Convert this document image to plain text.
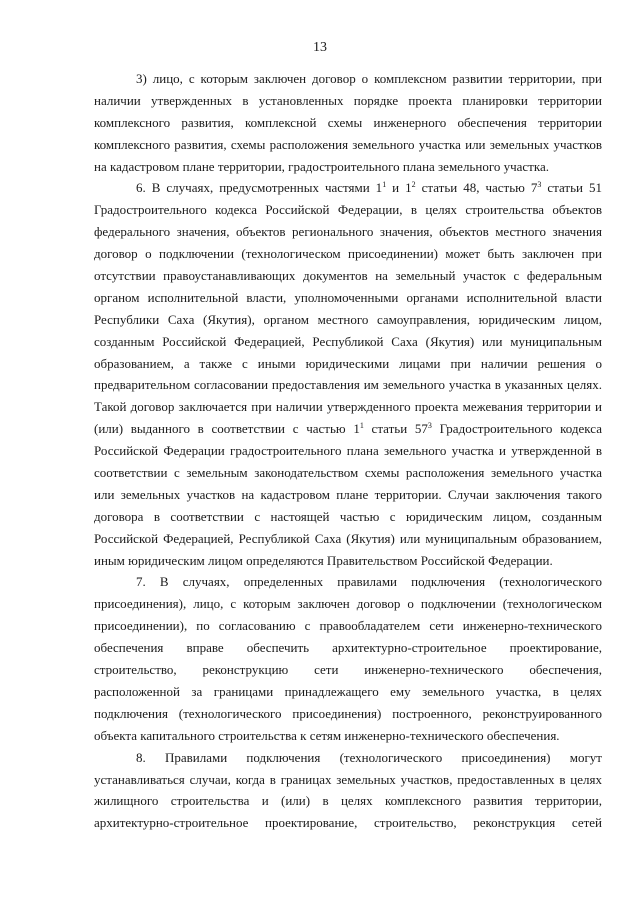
13
3) лицо, с которым заключен договор о комплексном развитии территории, при
наличии утвержденных в установленных порядке проекта планировки территории
комплексного развития, комплексной схемы инженерного обеспечения территории
комплексного развития, схемы расположения земельного участка или земельных участков
на кадастровом плане территории, градостроительного плана земельного участка.
6. В случаях, предусмотренных частями $1^1$ и $1^2$ статьи 48, частью $7^3$ статьи 51
Градостроительного кодекса Российской Федерации, в целях строительства объектов
федерального значения, объектов регионального значения, объектов местного значения
договор о подключении (технологическом присоединении) может быть заключен при
отсутствии правоустанавливающих документов на земельный участок с федеральным
органом исполнительной власти, уполномоченными органами исполнительной власти
Республики Саха (Якутия), органом местного самоуправления, юридическим лицом,
созданным Российской Федерацией, Республикой Саха (Якутия) или муниципальным
образованием, а также с иными юридическими лицами при наличии решения о
предварительном согласовании предоставления им земельного участка в указанных целях.
Такой договор заключается при наличии утвержденного проекта межевания территории и
(или) выданного в соответствии с частью $1^1$ статьи $57^3$ Градостроительного кодекса
Российской Федерации градостроительного плана земельного участка и утвержденной в
соответствии с земельным законодательством схемы расположения земельного участка
или земельных участков на кадастровом плане территории. Случаи заключения такого
договора в соответствии с настоящей частью с юридическим лицом, созданным
Российской Федерацией, Республикой Саха (Якутия) или муниципальным образованием,
иным юридическим лицом определяются Правительством Российской Федерации.
7. В случаях, определенных правилами подключения (технологического
присоединения), лицо, с которым заключен договор о подключении (технологическом
присоединении), по согласованию с правообладателем сети инженерно-технического
обеспечения вправе обеспечить архитектурно-строительное проектирование,
строительство, реконструкцию сети инженерно-технического обеспечения,
расположенной за границами принадлежащего ему земельного участка, в целях
подключения (технологического присоединения) построенного, реконструированного
объекта капитального строительства к сетям инженерно-технического обеспечения.
8. Правилами подключения (технологического присоединения) могут
устанавливаться случаи, когда в границах земельных участков, предоставленных в целях
жилищного строительства и (или) в целях комплексного развития территории,
архитектурно-строительное проектирование, строительство, реконструкция сетей
